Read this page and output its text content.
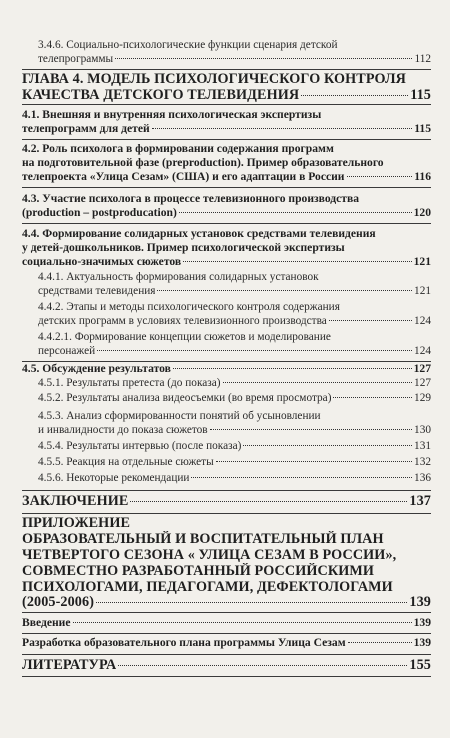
3.4.6. Социально-психологические функции сценария детской
телепрограммы	112
ГЛАВА 4. МОДЕЛЬ ПСИХОЛОГИЧЕСКОГО КОНТРОЛЯ
КАЧЕСТВА ДЕТСКОГО ТЕЛЕВИДЕНИЯ	115
4.1. Внешняя и внутренняя психологическая экспертизы
телепрограмм для детей	115
4.2. Роль психолога в формировании содержания программ
на подготовительной фазе (preproduction). Пример образовательного
телепроекта «Улица Сезам» (США) и его адаптации в России	116
4.3. Участие психолога в процессе телевизионного производства
(production – postproducation)	120
4.4. Формирование солидарных установок средствами телевидения
у детей-дошкольников. Пример психологической экспертизы
социально-значимых сюжетов	121
4.4.1. Актуальность формирования солидарных установок
средствами телевидения	121
4.4.2. Этапы и методы психологического контроля содержания
детских программ в условиях телевизионного производства	124
4.4.2.1. Формирование концепции сюжетов и моделирование
персонажей	124
4.5. Обсуждение результатов	127
4.5.1. Результаты претеста (до показа)	127
4.5.2. Результаты анализа видеосъемки (во время просмотра)	129
4.5.3. Анализ сформированности понятий об усыновлении
и инвалидности до показа сюжетов	130
4.5.4. Результаты интервью (после показа)	131
4.5.5. Реакция на отдельные сюжеты	132
4.5.6. Некоторые рекомендации	136
ЗАКЛЮЧЕНИЕ	137
ПРИЛОЖЕНИЕ
ОБРАЗОВАТЕЛЬНЫЙ И ВОСПИТАТЕЛЬНЫЙ ПЛАН
ЧЕТВЕРТОГО СЕЗОНА « УЛИЦА СЕЗАМ В РОССИИ»,
СОВМЕСТНО РАЗРАБОТАННЫЙ РОССИЙСКИМИ
ПСИХОЛОГАМИ, ПЕДАГОГАМИ, ДЕФЕКТОЛОГАМИ
(2005-2006)	139
Введение	139
Разработка образовательного плана программы Улица Сезам	139
ЛИТЕРАТУРА	155
